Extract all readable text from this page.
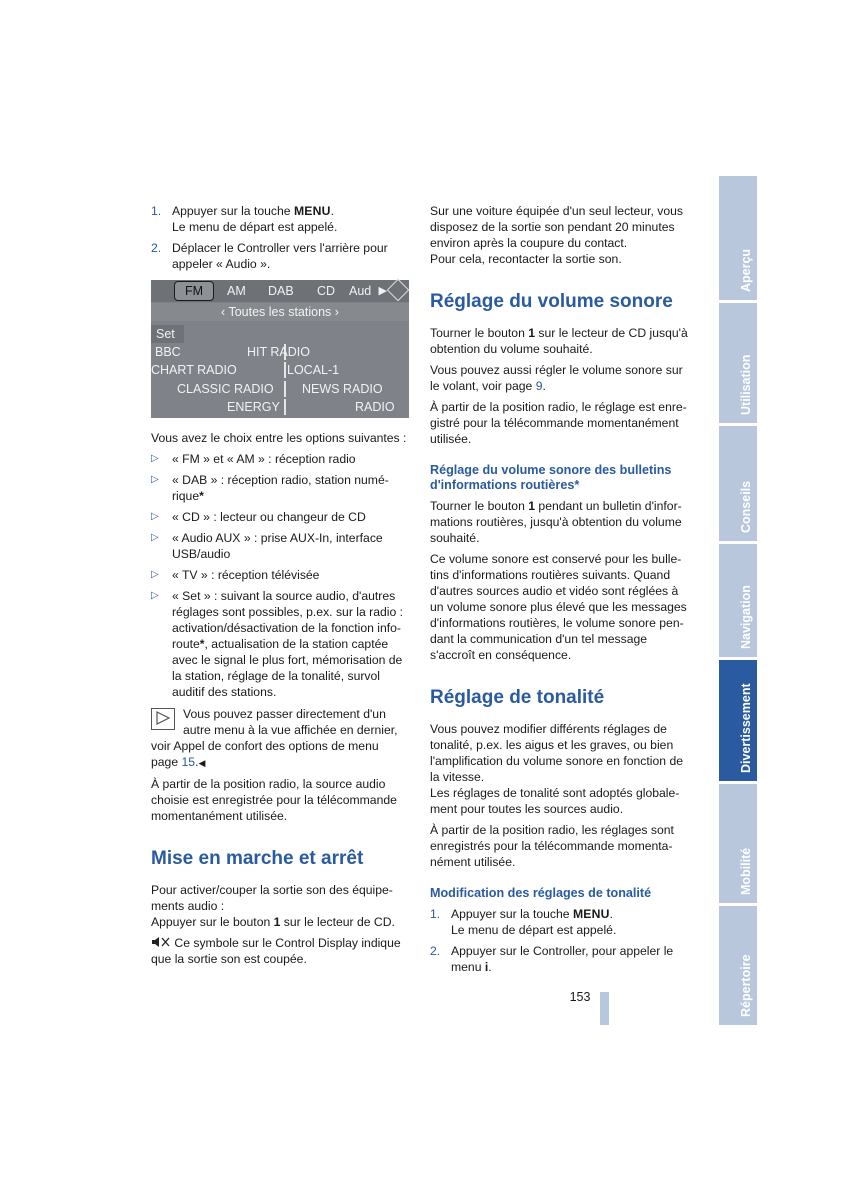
1. Appuyer sur la touche MENU.
Le menu de départ est appelé.
2. Déplacer le Controller vers l'arrière pour appeler « Audio ».
FM	AM DAB CD Aud ▶
‹ Toutes les stations ›
Set
BBC	HIT RADIO
CHART RADIO	LOCAL-1
CLASSIC RADIO NEWS RADIO
ENERGY	RADIO

Vous avez le choix entre les options suivantes :

▷ « FM » et « AM » : réception radio
▷ « DAB » : réception radio, station numé-rique*
▷ « CD » : lecteur ou changeur de CD
▷ « Audio AUX » : prise AUX-In, interface USB/audio
▷ « TV » : réception télévisée
▷ « Set » : suivant la source audio, d'autres réglages sont possibles, p.ex. sur la radio : activation/désactivation de la fonction info-route*, actualisation de la station captée avec le signal le plus fort, mémorisation de la station, réglage de la tonalité, survol auditif des stations.

Vous pouvez passer directement d'un autre menu à la vue affichée en dernier, voir Appel de confort des options de menu page 15.◀

À partir de la position radio, la source audio choisie est enregistrée pour la télécommande momentanément utilisée.

Mise en marche et arrêt

Pour activer/couper la sortie son des équipe-ments audio :

Appuyer sur le bouton 1 sur le lecteur de CD.

Ce symbole sur le Control Display indique que la sortie son est coupée.

Sur une voiture équipée d'un seul lecteur, vous disposez de la sortie son pendant 20 minutes environ après la coupure du contact.

Pour cela, recontacter la sortie son.

Réglage du volume sonore

Tourner le bouton 1 sur le lecteur de CD jusqu'à obtention du volume souhaité.

Vous pouvez aussi régler le volume sonore sur le volant, voir page 9.

À partir de la position radio, le réglage est enre-gistré pour la télécommande momentanément utilisée.

Réglage du volume sonore des bulletins d'informations routières*

Tourner le bouton 1 pendant un bulletin d'infor-mations routières, jusqu'à obtention du volume souhaité.

Ce volume sonore est conservé pour les bulle-tins d'informations routières suivants. Quand d'autres sources audio et vidéo sont réglées à un volume sonore plus élevé que les messages d'informations routières, le volume sonore pen-dant la communication d'un tel message s'accroît en conséquence.

Réglage de tonalité

Vous pouvez modifier différents réglages de tonalité, p.ex. les aigus et les graves, ou bien l'amplification du volume sonore en fonction de la vitesse.

Les réglages de tonalité sont adoptés globale-ment pour toutes les sources audio.

À partir de la position radio, les réglages sont enregistrés pour la télécommande momenta-nément utilisée.

Modification des réglages de tonalité
1. Appuyer sur la touche MENU.
Le menu de départ est appelé.
2. Appuyer sur le Controller, pour appeler le menu i.
Aperçu
Utilisation
Conseils
Navigation
Divertissement
Mobilité
Répertoire
153
